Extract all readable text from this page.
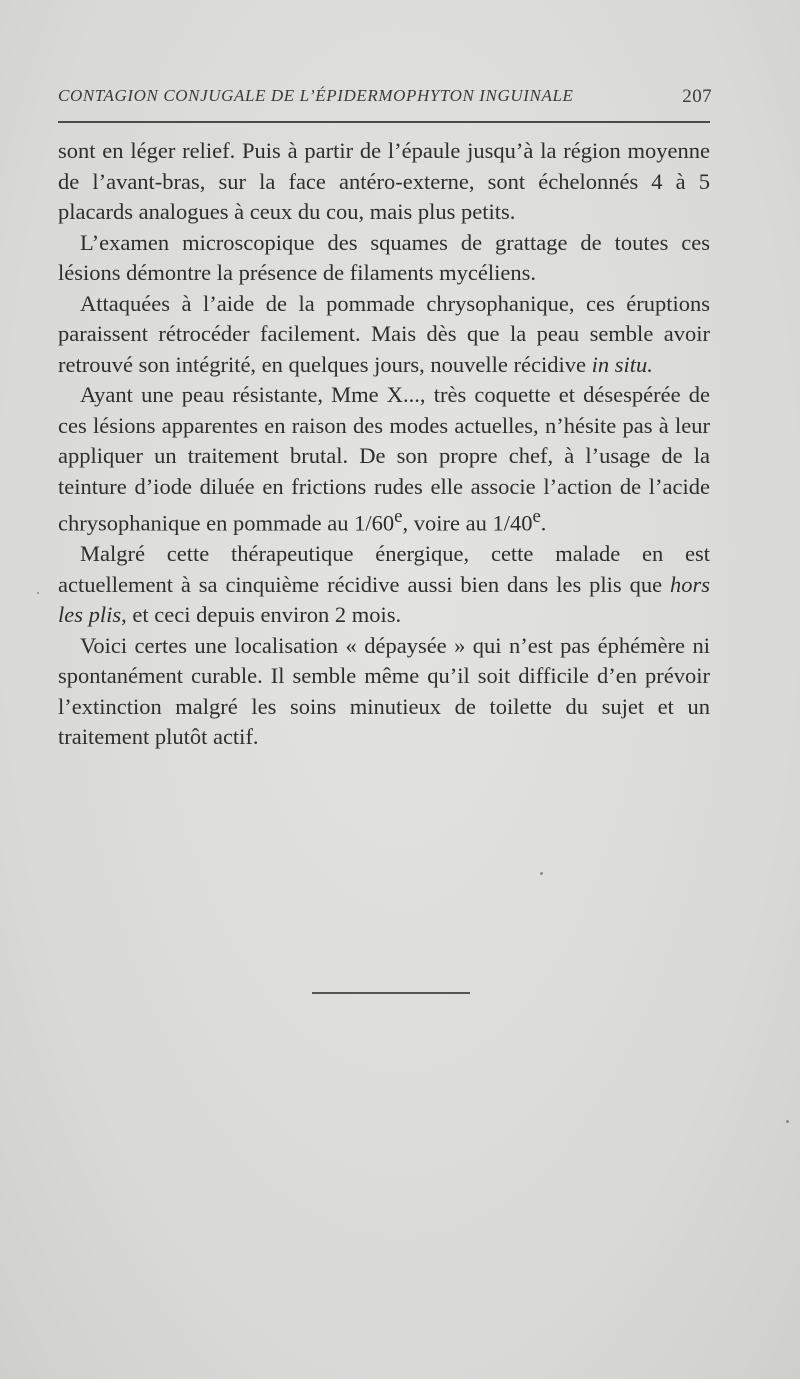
CONTAGION CONJUGALE DE L’ÉPIDERMOPHYTON INGUINALE	207

sont en léger relief. Puis à partir de l’épaule jusqu’à la région moyenne de l’avant-bras, sur la face antéro-externe, sont échelonnés 4 à 5 placards analogues à ceux du cou, mais plus petits.

L’examen microscopique des squames de grattage de toutes ces lésions démontre la présence de filaments mycéliens.

Attaquées à l’aide de la pommade chrysophanique, ces éruptions paraissent rétrocéder facilement. Mais dès que la peau semble avoir retrouvé son intégrité, en quelques jours, nouvelle récidive in situ.

Ayant une peau résistante, Mme X..., très coquette et désespérée de ces lésions apparentes en raison des modes actuelles, n’hésite pas à leur appliquer un traitement brutal. De son propre chef, à l’usage de la teinture d’iode diluée en frictions rudes elle associe l’action de l’acide chrysophanique en pommade au 1/60e, voire au 1/40e.

Malgré cette thérapeutique énergique, cette malade en est actuellement à sa cinquième récidive aussi bien dans les plis que hors les plis, et ceci depuis environ 2 mois.

Voici certes une localisation « dépaysée » qui n’est pas éphémère ni spontanément curable. Il semble même qu’il soit difficile d’en prévoir l’extinction malgré les soins minutieux de toilette du sujet et un traitement plutôt actif.
